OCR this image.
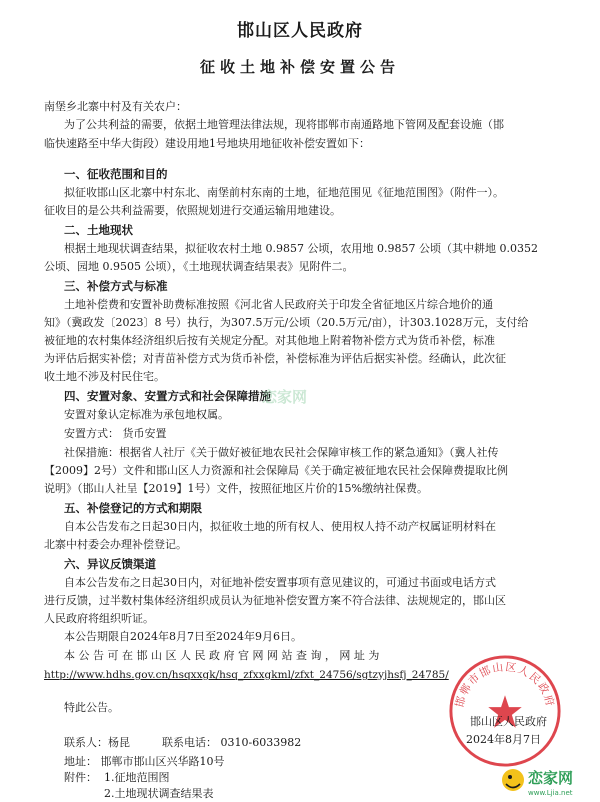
邯山区人民政府
征收土地补偿安置公告
南堡乡北寨中村及有关农户：
为了公共利益的需要，依据土地管理法律法规，现将邯郸市南通路地下管网及配套设施（邯
临快速路至中华大街段）建设用地1号地块用地征收补偿安置如下：
一、征收范围和目的
拟征收邯山区北寨中村东北、南堡前村东南的土地，征地范围见《征地范围图》（附件一）。
征收目的是公共利益需要，依照规划进行交通运输用地建设。
二、土地现状
根据土地现状调查结果，拟征收农村土地 0.9857 公顷，农用地 0.9857 公顷（其中耕地 0.0352
公顷、园地 0.9505 公顷），《土地现状调查结果表》见附件二。
三、补偿方式与标准
土地补偿费和安置补助费标准按照《河北省人民政府关于印发全省征地区片综合地价的通
知》（冀政发〔2023〕8 号）执行，为307.5万元/公顷（20.5万元/亩），计303.1028万元，支付给
被征地的农村集体经济组织后按有关规定分配。对其他地上附着物补偿方式为货币补偿，标准
为评估后据实补偿；对青苗补偿方式为货币补偿，补偿标准为评估后据实补偿。经确认，此次征
收土地不涉及村民住宅。
四、安置对象、安置方式和社会保障措施
安置对象认定标准为承包地权属。
安置方式： 货币安置
社保措施：根据省人社厅《关于做好被征地农民社会保障审核工作的紧急通知》（冀人社传
【2009】2号）文件和邯山区人力资源和社会保障局《关于确定被征地农民社会保障费提取比例
说明》（邯山人社呈【2019】1号）文件，按照征地区片价的15%缴纳社保费。
五、补偿登记的方式和期限
自本公告发布之日起30日内，拟征收土地的所有权人、使用权人持不动产权属证明材料在
北寨中村委会办理补偿登记。
六、异议反馈渠道
自本公告发布之日起30日内，对征地补偿安置事项有意见建议的，可通过书面或电话方式
进行反馈，过半数村集体经济组织成员认为征地补偿安置方案不符合法律、法规规定的，邯山区
人民政府将组织听证。
本公告期限自2024年8月7日至2024年9月6日。
本 公 告 可 在 邯 山 区 人 民 政 府 官 网 网 站 查 询 ， 网 址 为
http://www.hdhs.gov.cn/hsqxxgk/hsq_zfxxgkml/zfxt_24756/sgtzyjhsfj_24785/
特此公告。
联系人：杨昆	联系电话： 0310-6033982
地址： 邯郸市邯山区兴华路10号
邯郸市邯山区人民政府
邯山区人民政府
2024年8月7日
附件： 1.征地范围图
2.土地现状调查结果表
恋家网
恋家网
www.Ljia.net
